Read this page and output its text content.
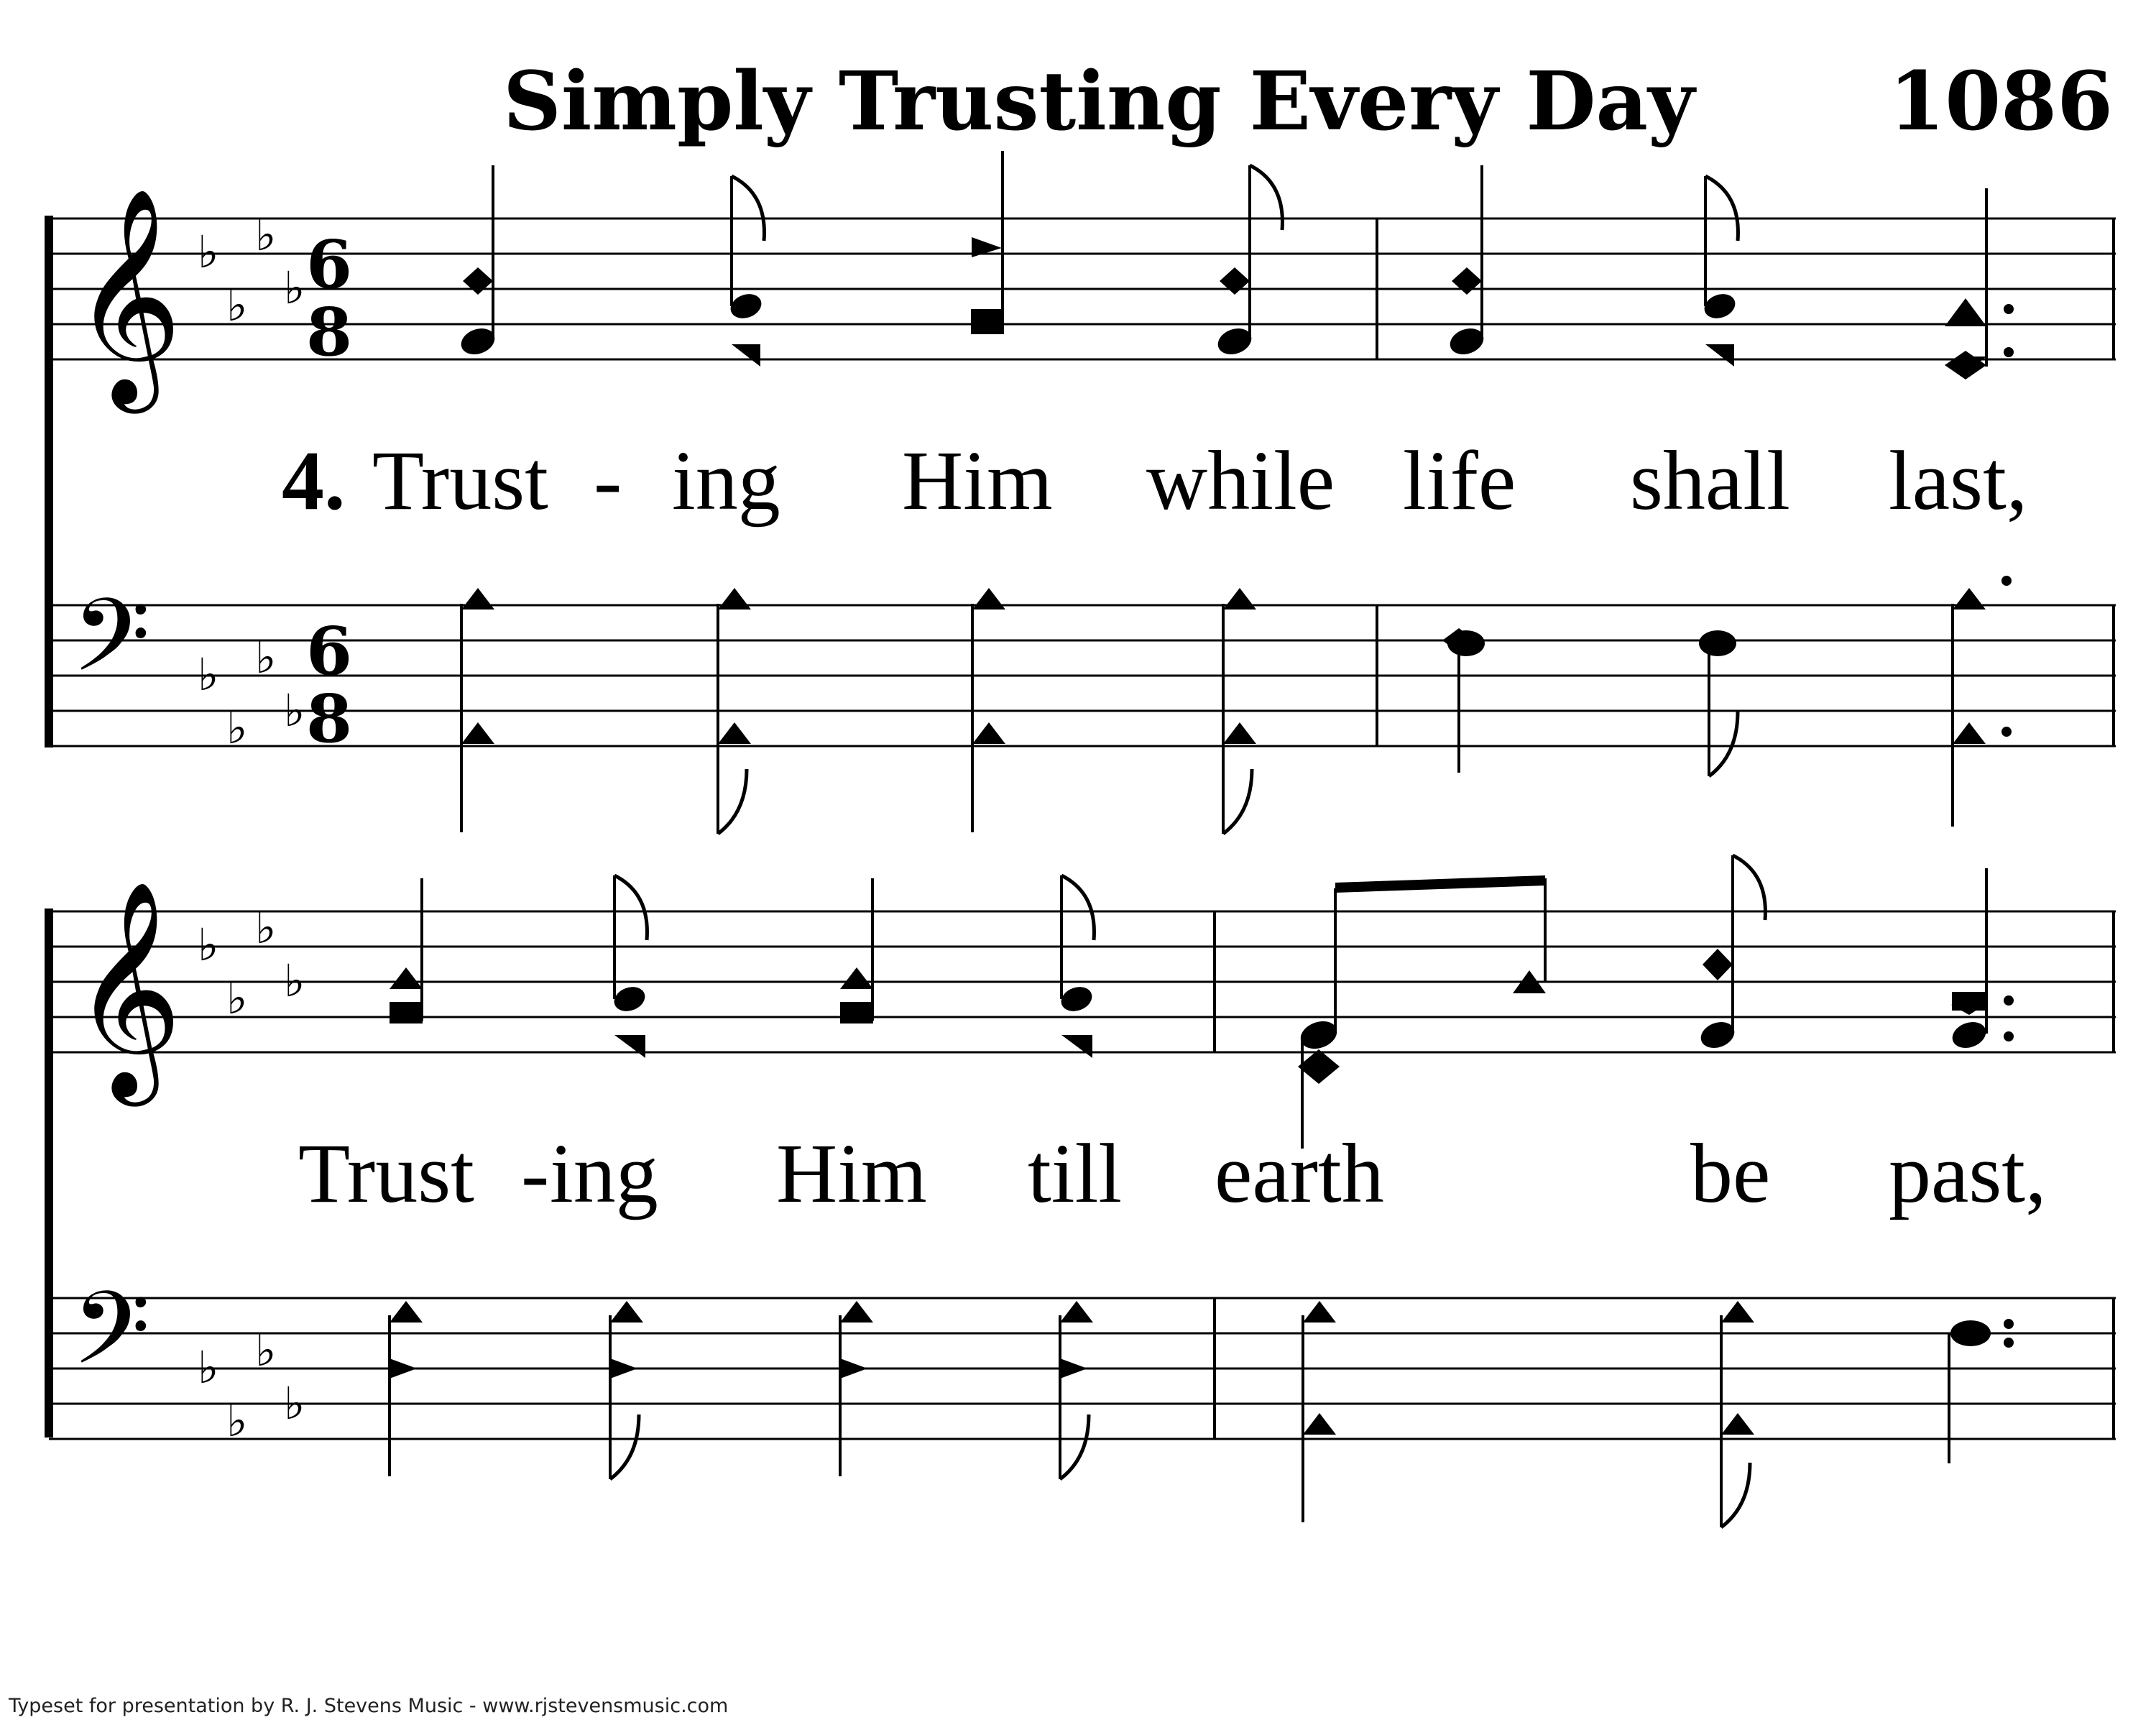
Simply Trusting Every Day 1086
𝄞 ♭
♭
♭
♭ 6
8
4. Trust - ing Him while life shall last,
𝄢 ♭
♭
♭
♭
6
8
𝄞 ♭
♭
♭
♭
Trust - ing Him till earth	be past,
𝄢 ♭
♭
♭
♭
Typeset for presentation by R. J. Stevens Music - www.rjstevensmusic.com
